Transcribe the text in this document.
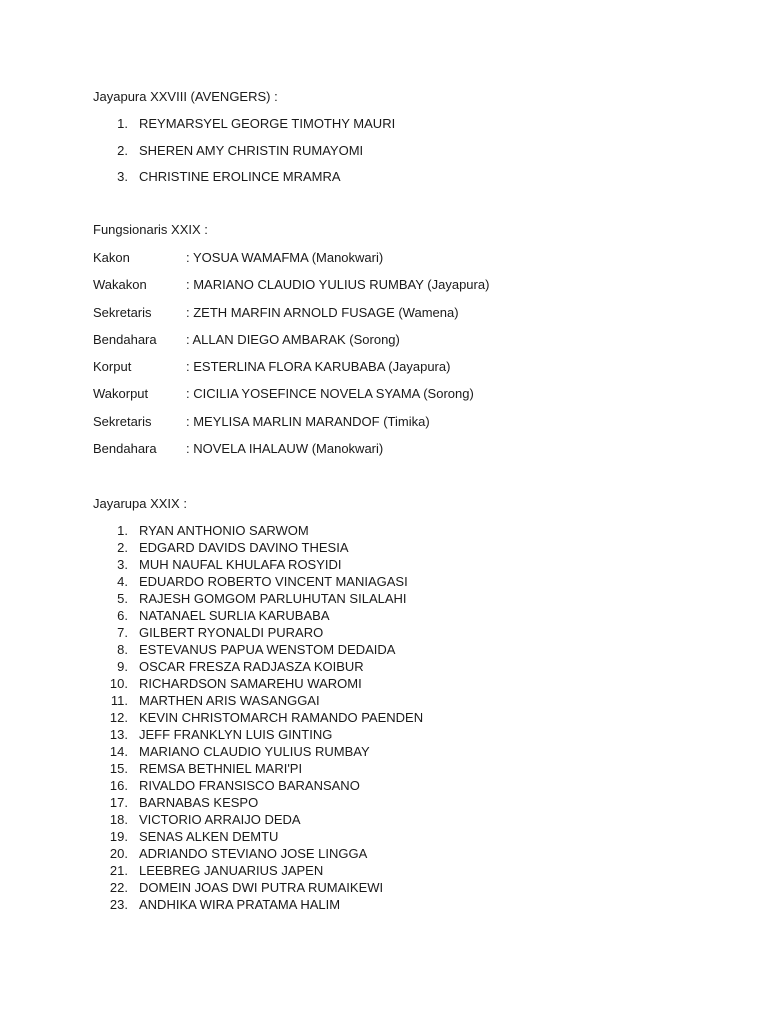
Jayapura XXVIII (AVENGERS) :
1. REYMARSYEL GEORGE TIMOTHY MAURI
2. SHEREN AMY CHRISTIN RUMAYOMI
3. CHRISTINE EROLINCE MRAMRA
Fungsionaris XXIX :
Kakon	: YOSUA WAMAFMA (Manokwari)
Wakakon	: MARIANO CLAUDIO YULIUS RUMBAY (Jayapura)
Sekretaris	: ZETH MARFIN ARNOLD FUSAGE (Wamena)
Bendahara : ALLAN DIEGO AMBARAK (Sorong)
Korput	: ESTERLINA FLORA KARUBABA (Jayapura)
Wakorput	: CICILIA YOSEFINCE NOVELA SYAMA (Sorong)
Sekretaris	: MEYLISA MARLIN MARANDOF (Timika)
Bendahara : NOVELA IHALAUW (Manokwari)
Jayarupa XXIX :
1. RYAN ANTHONIO SARWOM
2. EDGARD DAVIDS DAVINO THESIA
3. MUH NAUFAL KHULAFA ROSYIDI
4. EDUARDO ROBERTO VINCENT MANIAGASI
5. RAJESH GOMGOM PARLUHUTAN SILALAHI
6. NATANAEL SURLIA KARUBABA
7. GILBERT RYONALDI PURARO
8. ESTEVANUS PAPUA WENSTOM DEDAIDA
9. OSCAR FRESZA RADJASZA KOIBUR
10. RICHARDSON SAMAREHU WAROMI
11. MARTHEN ARIS WASANGGAI
12. KEVIN CHRISTOMARCH RAMANDO PAENDEN
13. JEFF FRANKLYN LUIS GINTING
14. MARIANO CLAUDIO YULIUS RUMBAY
15. REMSA BETHNIEL MARI'PI
16. RIVALDO FRANSISCO BARANSANO
17. BARNABAS KESPO
18. VICTORIO ARRAIJO DEDA
19. SENAS ALKEN DEMTU
20. ADRIANDO STEVIANO JOSE LINGGA
21. LEEBREG JANUARIUS JAPEN
22. DOMEIN JOAS DWI PUTRA RUMAIKEWI
23. ANDHIKA WIRA PRATAMA HALIM
